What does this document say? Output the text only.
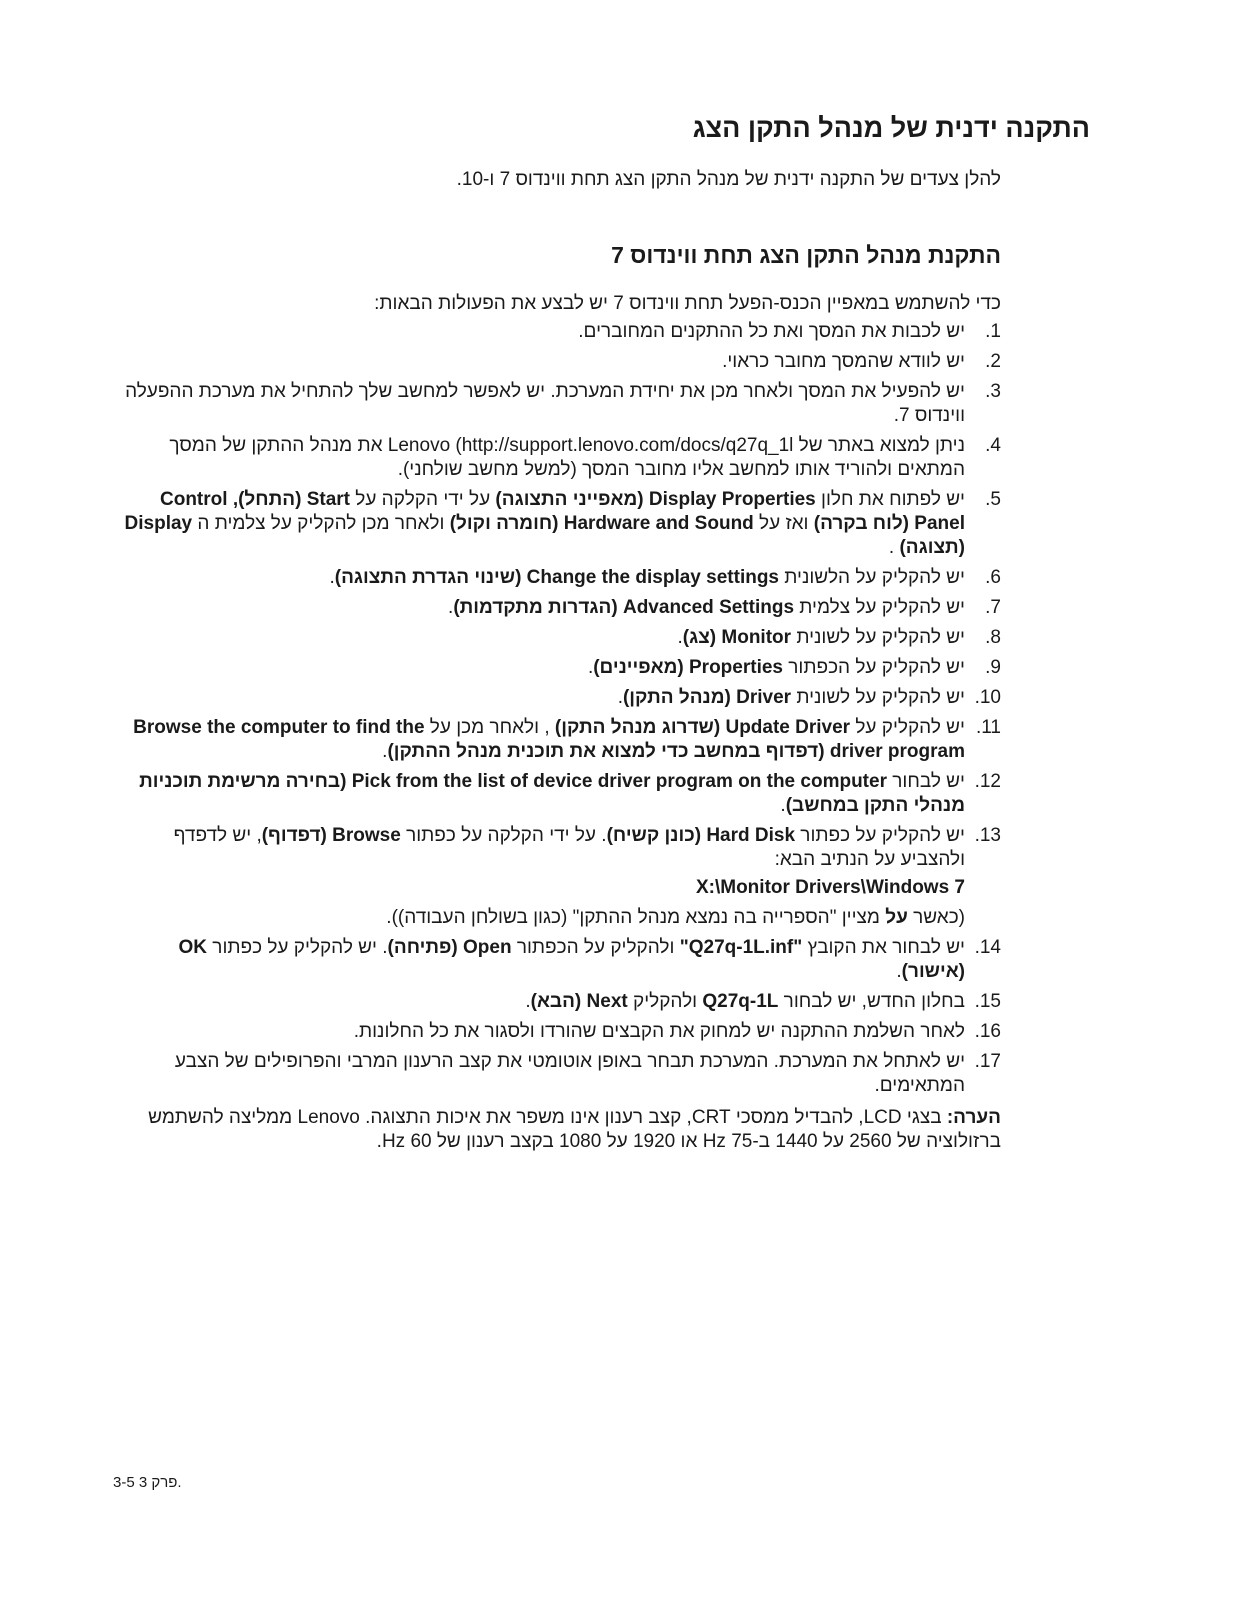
התקנה ידנית של מנהל התקן הצג

להלן צעדים של התקנה ידנית של מנהל התקן הצג תחת ווינדוס 7 ו-10.

התקנת מנהל התקן הצג תחת ווינדוס 7

כדי להשתמש במאפיין הכנס-הפעל תחת ווינדוס 7 יש לבצע את הפעולות הבאות:

1.
יש לכבות את המסך ואת כל ההתקנים המחוברים.
2.
יש לוודא שהמסך מחובר כראוי.
3.
יש להפעיל את המסך ולאחר מכן את יחידת המערכת. יש לאפשר למחשב שלך להתחיל את מערכת ההפעלה ווינדוס 7.
4.
ניתן למצוא באתר של Lenovo (http://support.lenovo.com/docs/q27q_1l את מנהל ההתקן של המסך המתאים ולהוריד אותו למחשב אליו מחובר המסך (למשל מחשב שולחני).
5.
יש לפתוח את חלון Display Properties (מאפייני התצוגה) על ידי הקלקה על Start (התחל), Control Panel (לוח בקרה) ואז על Hardware and Sound (חומרה וקול) ולאחר מכן להקליק על צלמית ה Display (תצוגה) .
6.
יש להקליק על הלשונית Change the display settings (שינוי הגדרת התצוגה).
7.
יש להקליק על צלמית Advanced Settings (הגדרות מתקדמות).
8.
יש להקליק על לשונית Monitor (צג).
9.
יש להקליק על הכפתור Properties (מאפיינים).
10.
יש להקליק על לשונית Driver (מנהל התקן).
11.
יש להקליק על Update Driver (שדרוג מנהל התקן) , ולאחר מכן על Browse the computer to find the driver program (דפדוף במחשב כדי למצוא את תוכנית מנהל ההתקן).
12.
יש לבחור Pick from the list of device driver program on the computer (בחירה מרשימת תוכניות מנהלי התקן במחשב).
13.
יש להקליק על כפתור Hard Disk (כונן קשיח). על ידי הקלקה על כפתור Browse (דפדוף), יש לדפדף ולהצביע על הנתיב הבא:
X:\Monitor Drivers\Windows 7
(כאשר על מציין "הספרייה בה נמצא מנהל ההתקן" (כגון בשולחן העבודה)).
14.
יש לבחור את הקובץ "Q27q-1L.inf" ולהקליק על הכפתור Open (פתיחה). יש להקליק על כפתור OK (אישור).
15.
בחלון החדש, יש לבחור Q27q-1L ולהקליק Next (הבא).
16.
לאחר השלמת ההתקנה יש למחוק את הקבצים שהורדו ולסגור את כל החלונות.
17.
יש לאתחל את המערכת. המערכת תבחר באופן אוטומטי את קצב הרענון המרבי והפרופילים של הצבע המתאימים.

הערה: בצגי LCD, להבדיל ממסכי CRT, קצב רענון אינו משפר את איכות התצוגה. Lenovo ממליצה להשתמש ברזולוציה של 2560 על 1440 ב-Hz 75 או 1920 על 1080 בקצב רענון של Hz 60.

3-5 פרק 3.
